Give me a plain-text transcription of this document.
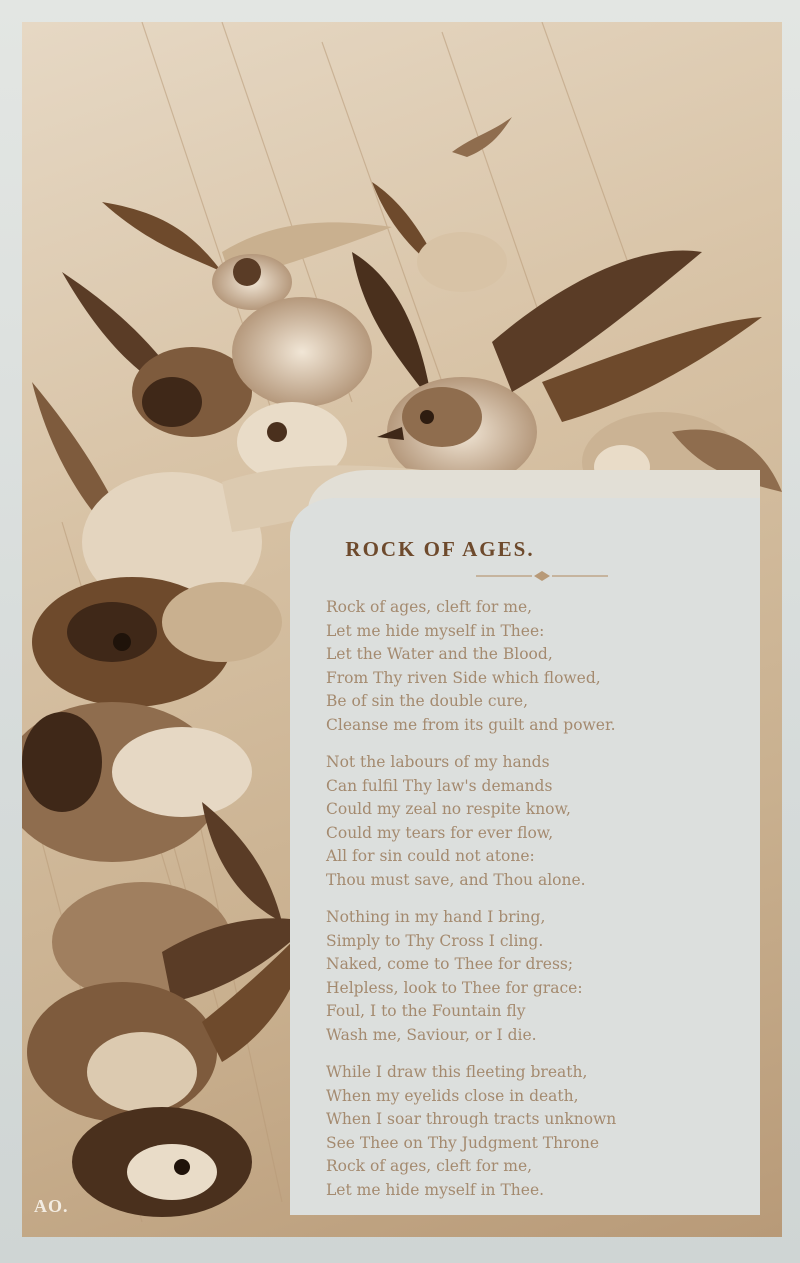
ROCK OF AGES.
Rock of ages, cleft for me,
Let me hide myself in Thee:
Let the Water and the Blood,
From Thy riven Side which flowed,
Be of sin the double cure,
Cleanse me from its guilt and power.
Not the labours of my hands
Can fulfil Thy law's demands
Could my zeal no respite know,
Could my tears for ever flow,
All for sin could not atone:
Thou must save, and Thou alone.
Nothing in my hand I bring,
Simply to Thy Cross I cling.
Naked, come to Thee for dress;
Helpless, look to Thee for grace:
Foul, I to the Fountain fly
Wash me, Saviour, or I die.
While I draw this fleeting breath,
When my eyelids close in death,
When I soar through tracts unknown
See Thee on Thy Judgment Throne
Rock of ages, cleft for me,
Let me hide myself in Thee.
AO.
